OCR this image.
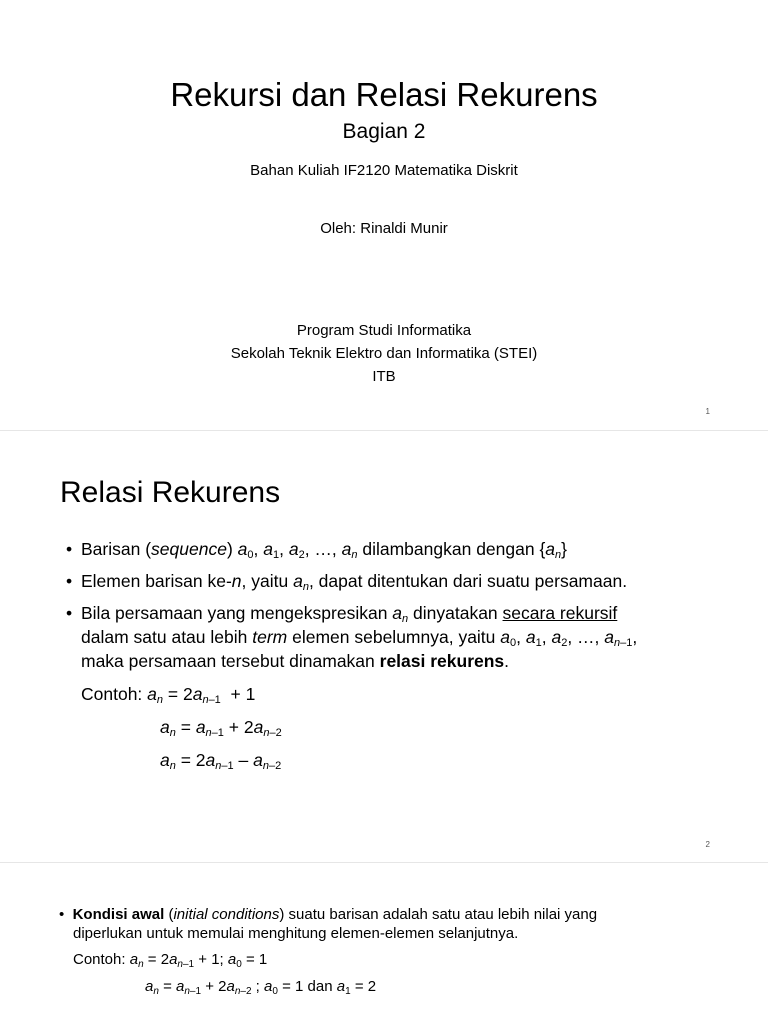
Rekursi dan Relasi Rekurens
Bagian 2
Bahan Kuliah IF2120 Matematika Diskrit
Oleh: Rinaldi Munir
Program Studi Informatika
Sekolah Teknik Elektro dan Informatika (STEI)
ITB
1
Relasi Rekurens
• Barisan (sequence) $a_0$, $a_1$, $a_2$, …, $a_n$ dilambangkan dengan $\{a_n\}$
• Elemen barisan ke-n, yaitu $a_n$, dapat ditentukan dari suatu persamaan.
• Bila persamaan yang mengekspresikan $a_n$ dinyatakan secara rekursif
dalam satu atau lebih term elemen sebelumnya, yaitu $a_0$, $a_1$, $a_2$, …, $a_{n-1}$,
maka persamaan tersebut dinamakan relasi rekurens.
Contoh: $a_n = 2a_{n-1} + 1$
$a_n = a_{n-1} + 2a_{n-2}$
$a_n = 2a_{n-1} - a_{n-2}$
2
•  Kondisi awal (initial conditions) suatu barisan adalah satu atau lebih nilai yang
diperlukan untuk memulai menghitung elemen-elemen selanjutnya.
Contoh: $a_n = 2a_{n-1} + 1$; $a_0 = 1$
$a_n = a_{n-1} + 2a_{n-2}$ ; $a_0 = 1$ dan $a_1 = 2$
